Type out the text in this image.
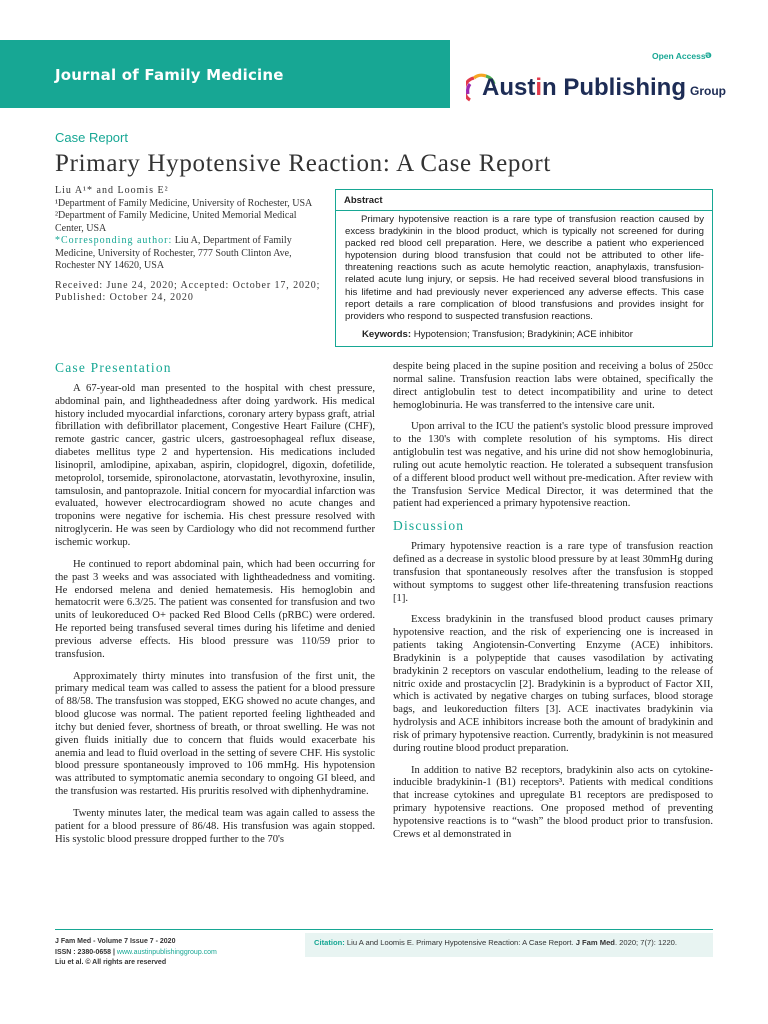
Open Access ə
Journal of Family Medicine	Austin Publishing Group
Case Report
Primary Hypotensive Reaction: A Case Report

Liu A¹* and Loomis E²

¹Department of Family Medicine, University of Rochester, USA

²Department of Family Medicine, United Memorial Medical Center, USA

*Corresponding author: Liu A, Department of Family Medicine, University of Rochester, 777 South Clinton Ave, Rochester NY 14620, USA

Received: June 24, 2020; Accepted: October 17, 2020; Published: October 24, 2020

Abstract
Primary hypotensive reaction is a rare type of transfusion reaction caused by excess bradykinin in the blood product, which is typically not screened for during packed red blood cell preparation. Here, we describe a patient who experienced hypotension during blood transfusion that could not be attributed to other life-threatening reactions such as acute hemolytic reaction, anaphylaxis, transfusion-related acute lung injury, or sepsis. He had received several blood transfusions in his lifetime and had previously never experienced any adverse effects. This case report details a rare complication of blood transfusions and provides insight for providers who respond to suspected transfusion reactions.
Keywords: Hypotension; Transfusion; Bradykinin; ACE inhibitor
Case Presentation

A 67-year-old man presented to the hospital with chest pressure, abdominal pain, and lightheadedness after doing yardwork. His medical history included myocardial infarctions, coronary artery bypass graft, atrial fibrillation with defibrillator placement, Congestive Heart Failure (CHF), remote gastric cancer, gastric ulcers, gastroesophageal reflux disease, diabetes mellitus type 2 and hypertension. His medications included lisinopril, amlodipine, apixaban, aspirin, clopidogrel, digoxin, dofetilide, metoprolol, torsemide, spironolactone, atorvastatin, levothyroxine, insulin, tamsulosin, and pantoprazole. Initial concern for myocardial infarction was evaluated, however electrocardiogram showed no acute changes and troponins were negative for ischemia. His chest pressure resolved with nitroglycerin. He was seen by Cardiology who did not recommend further ischemic workup.

He continued to report abdominal pain, which had been occurring for the past 3 weeks and was associated with lightheadedness and vomiting. He endorsed melena and denied hematemesis. His hemoglobin and hematocrit were 6.3/25. The patient was consented for transfusion and two units of leukoreduced O+ packed Red Blood Cells (pRBC) were ordered. He reported being transfused several times during his lifetime and denied previous adverse effects. His blood pressure was 110/59 prior to transfusion.

Approximately thirty minutes into transfusion of the first unit, the primary medical team was called to assess the patient for a blood pressure of 88/58. The transfusion was stopped, EKG showed no acute changes, and blood glucose was normal. The patient reported feeling lightheaded and itchy but denied fever, shortness of breath, or throat swelling. He was not given fluids initially due to concern that fluids would exacerbate his anemia and lead to fluid overload in the setting of severe CHF. His systolic blood pressure spontaneously improved to 106 mmHg. His hypotension was attributed to symptomatic anemia secondary to ongoing GI bleed, and the transfusion was restarted. His pruritis resolved with diphenhydramine.

Twenty minutes later, the medical team was again called to assess the patient for a blood pressure of 86/48. His transfusion was again stopped. His systolic blood pressure dropped further to the 70's

despite being placed in the supine position and receiving a bolus of 250cc normal saline. Transfusion reaction labs were obtained, specifically the direct antiglobulin test to detect incompatibility and urine to detect hemoglobinuria. He was transferred to the intensive care unit.

Upon arrival to the ICU the patient's systolic blood pressure improved to the 130's with complete resolution of his symptoms. His direct antiglobulin test was negative, and his urine did not show hemoglobinuria, ruling out acute hemolytic reaction. He tolerated a subsequent transfusion of a different blood product well without pre-medication. After review with the Transfusion Service Medical Director, it was determined that the patient had experienced a primary hypotensive reaction.

Discussion

Primary hypotensive reaction is a rare type of transfusion reaction defined as a decrease in systolic blood pressure by at least 30mmHg during transfusion that spontaneously resolves after the transfusion is stopped without symptoms to suggest other life-threatening transfusion reactions [1].

Excess bradykinin in the transfused blood product causes primary hypotensive reaction, and the risk of experiencing one is increased in patients taking Angiotensin-Converting Enzyme (ACE) inhibitors. Bradykinin is a polypeptide that causes vasodilation by activating bradykinin 2 receptors on vascular endothelium, leading to the release of nitric oxide and prostacyclin [2]. Bradykinin is a byproduct of Factor XII, which is activated by negative charges on tubing surfaces, blood storage bags, and leukoreduction filters [3]. ACE inactivates bradykinin via hydrolysis and ACE inhibitors increase both the amount of bradykinin and risk of primary hypotensive reaction. Currently, bradykinin is not measured during routine blood product preparation.

In addition to native B2 receptors, bradykinin also acts on cytokine-inducible bradykinin-1 (B1) receptors³. Patients with medical conditions that increase cytokines and upregulate B1 receptors are predisposed to primary hypotensive reactions. One proposed method of preventing hypotensive reactions is to “wash” the blood product prior to transfusion. Crews et al demonstrated in

J Fam Med - Volume 7 Issue 7 - 2020
ISSN : 2380-0658 | www.austinpublishinggroup.com
Liu et al. © All rights are reserved
Citation: Liu A and Loomis E. Primary Hypotensive Reaction: A Case Report. J Fam Med. 2020; 7(7): 1220.
